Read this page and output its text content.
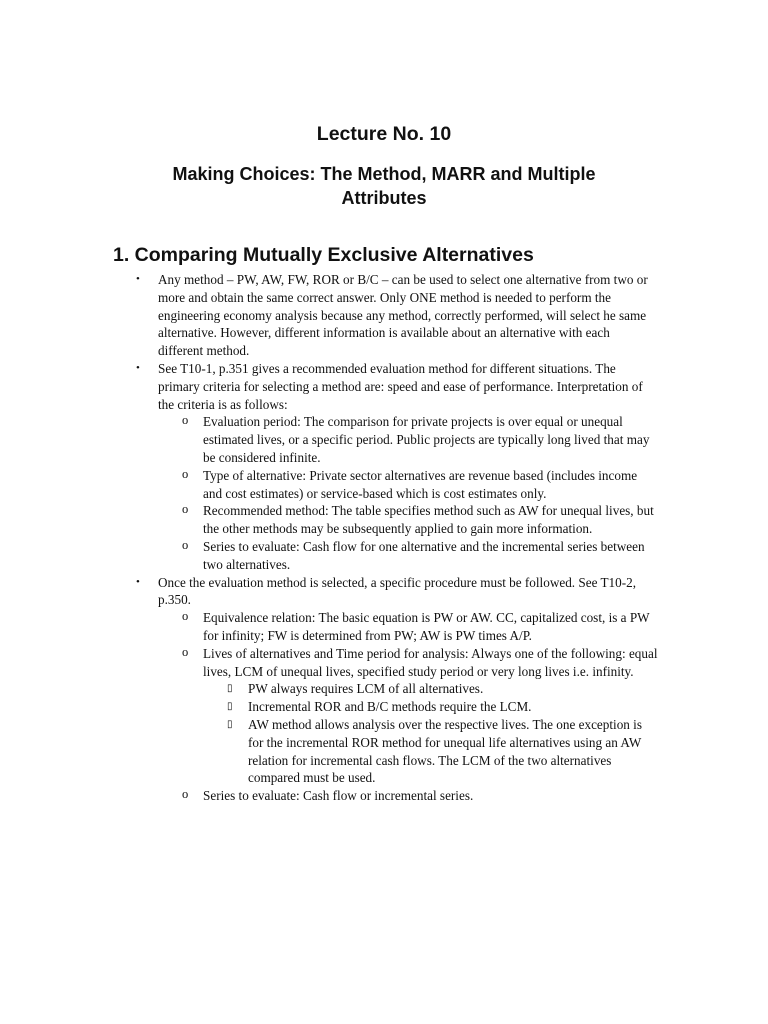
Lecture No. 10
Making Choices: The Method, MARR and Multiple Attributes
1. Comparing Mutually Exclusive Alternatives
• Any method – PW, AW, FW, ROR or B/C – can be used to select one alternative from two or more and obtain the same correct answer. Only ONE method is needed to perform the engineering economy analysis because any method, correctly performed, will select he same alternative. However, different information is available about an alternative with each different method.
• See T10-1, p.351 gives a recommended evaluation method for different situations. The primary criteria for selecting a method are: speed and ease of performance. Interpretation of the criteria is as follows:
o Evaluation period: The comparison for private projects is over equal or unequal estimated lives, or a specific period. Public projects are typically long lived that may be considered infinite.
o Type of alternative: Private sector alternatives are revenue based (includes income and cost estimates) or service-based which is cost estimates only.
o Recommended method: The table specifies method such as AW for unequal lives, but the other methods may be subsequently applied to gain more information.
o Series to evaluate: Cash flow for one alternative and the incremental series between two alternatives.
• Once the evaluation method is selected, a specific procedure must be followed. See T10-2, p.350.
o Equivalence relation: The basic equation is PW or AW. CC, capitalized cost, is a PW for infinity; FW is determined from PW; AW is PW times A/P.
o Lives of alternatives and Time period for analysis: Always one of the following: equal lives, LCM of unequal lives, specified study period or very long lives i.e. infinity.
▯ PW always requires LCM of all alternatives.
▯ Incremental ROR and B/C methods require the LCM.
▯ AW method allows analysis over the respective lives. The one exception is for the incremental ROR method for unequal life alternatives using an AW relation for incremental cash flows. The LCM of the two alternatives compared must be used.
o Series to evaluate: Cash flow or incremental series.
